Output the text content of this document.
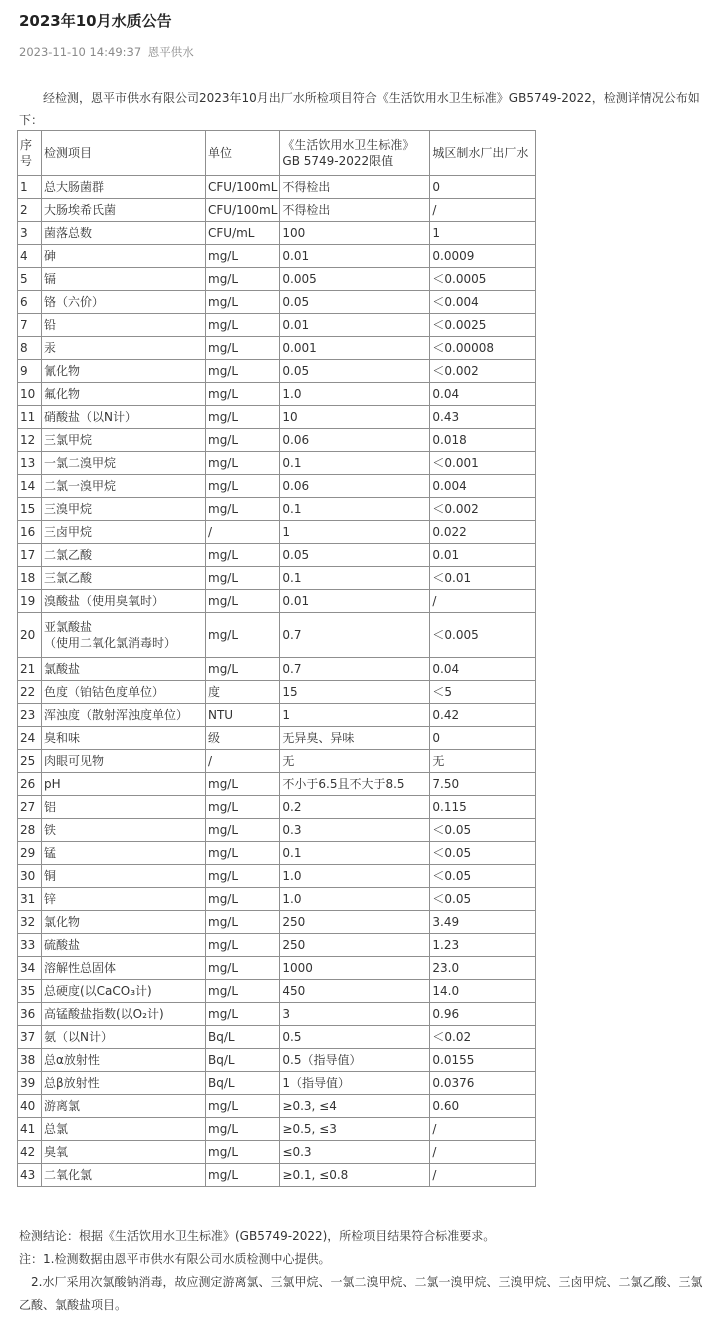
2023年10月水质公告
2023-11-10 14:49:37 恩平供水

经检测，恩平市供水有限公司2023年10月出厂水所检项目符合《生活饮用水卫生标准》GB5749-2022，检测详情况公布如下：

序号	检测项目	单位	《生活饮用水卫生标准》
GB 5749-2022限值	城区制水厂出厂水
1	总大肠菌群	CFU/100mL	不得检出	0
2	大肠埃希氏菌	CFU/100mL	不得检出	/
3	菌落总数	CFU/mL	100	1
4	砷	mg/L	0.01	0.0009
5	镉	mg/L	0.005	＜0.0005
6	铬（六价）	mg/L	0.05	＜0.004
7	铅	mg/L	0.01	＜0.0025
8	汞	mg/L	0.001	＜0.00008
9	氰化物	mg/L	0.05	＜0.002
10	氟化物	mg/L	1.0	0.04
11	硝酸盐（以N计）	mg/L	10	0.43
12	三氯甲烷	mg/L	0.06	0.018
13	一氯二溴甲烷	mg/L	0.1	＜0.001
14	二氯一溴甲烷	mg/L	0.06	0.004
15	三溴甲烷	mg/L	0.1	＜0.002
16	三卤甲烷	/	1	0.022
17	二氯乙酸	mg/L	0.05	0.01
18	三氯乙酸	mg/L	0.1	＜0.01
19	溴酸盐（使用臭氧时）	mg/L	0.01	/
20	亚氯酸盐
（使用二氧化氯消毒时）	mg/L	0.7	＜0.005
21	氯酸盐	mg/L	0.7	0.04
22	色度（铂钴色度单位）	度	15	＜5
23	浑浊度（散射浑浊度单位）	NTU	1	0.42
24	臭和味	级	无异臭、异味	0
25	肉眼可见物	/	无	无
26	pH	mg/L	不小于6.5且不大于8.5	7.50
27	铝	mg/L	0.2	0.115
28	铁	mg/L	0.3	＜0.05
29	锰	mg/L	0.1	＜0.05
30	铜	mg/L	1.0	＜0.05
31	锌	mg/L	1.0	＜0.05
32	氯化物	mg/L	250	3.49
33	硫酸盐	mg/L	250	1.23
34	溶解性总固体	mg/L	1000	23.0
35	总硬度(以CaCO₃计)	mg/L	450	14.0
36	高锰酸盐指数(以O₂计)	mg/L	3	0.96
37	氨（以N计）	Bq/L	0.5	＜0.02
38	总α放射性	Bq/L	0.5（指导值）	0.0155
39	总β放射性	Bq/L	1（指导值）	0.0376
40	游离氯	mg/L	≥0.3, ≤4	0.60
41	总氯	mg/L	≥0.5, ≤3	/
42	臭氧	mg/L	≤0.3	/
43	二氧化氯	mg/L	≥0.1, ≤0.8	/

检测结论：根据《生活饮用水卫生标准》(GB5749-2022)，所检项目结果符合标准要求。

注：1.检测数据由恩平市供水有限公司水质检测中心提供。

2.水厂采用次氯酸钠消毒，故应测定游离氯、三氯甲烷、一氯二溴甲烷、二氯一溴甲烷、三溴甲烷、三卤甲烷、二氯乙酸、三氯乙酸、氯酸盐项目。
